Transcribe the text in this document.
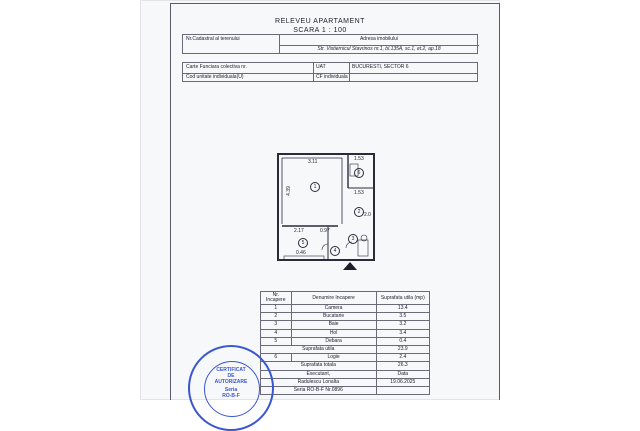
RELEVEU APARTAMENT
SCARA 1 : 100
Nr.Cadastral al terenului	Adresa imobilului
Str. Vistiernicul Stavrinos nr.1, bl.135A, sc.1, et.2, ap.18
Carte Funciara colectiva nr.	UAT	BUCURESTI, SECTOR 6
Cod unitate individuala(U)	CF individuala
3.11	1.53
1.53
4.39
2.17	0.97
2.0
0.46
1
2
3
4
5
6
Nr. Incapere	Denumire Incapere	Suprafata utila (mp)
1	Camera	13.4
2	Bucatarie	3.5
3	Baie	3.2
4	Hol	3.4
5	Debara	0.4
Suprafata utila		23.9
6	Logie	2.4
Suprafata totala		26.3
Executant,		Data
Radulescu Lonalta		19.06.2025
Seria RO-B-F Nr.0896		
CERTIFICAT
DE
AUTORIZARE
Seria
RO-B-F
